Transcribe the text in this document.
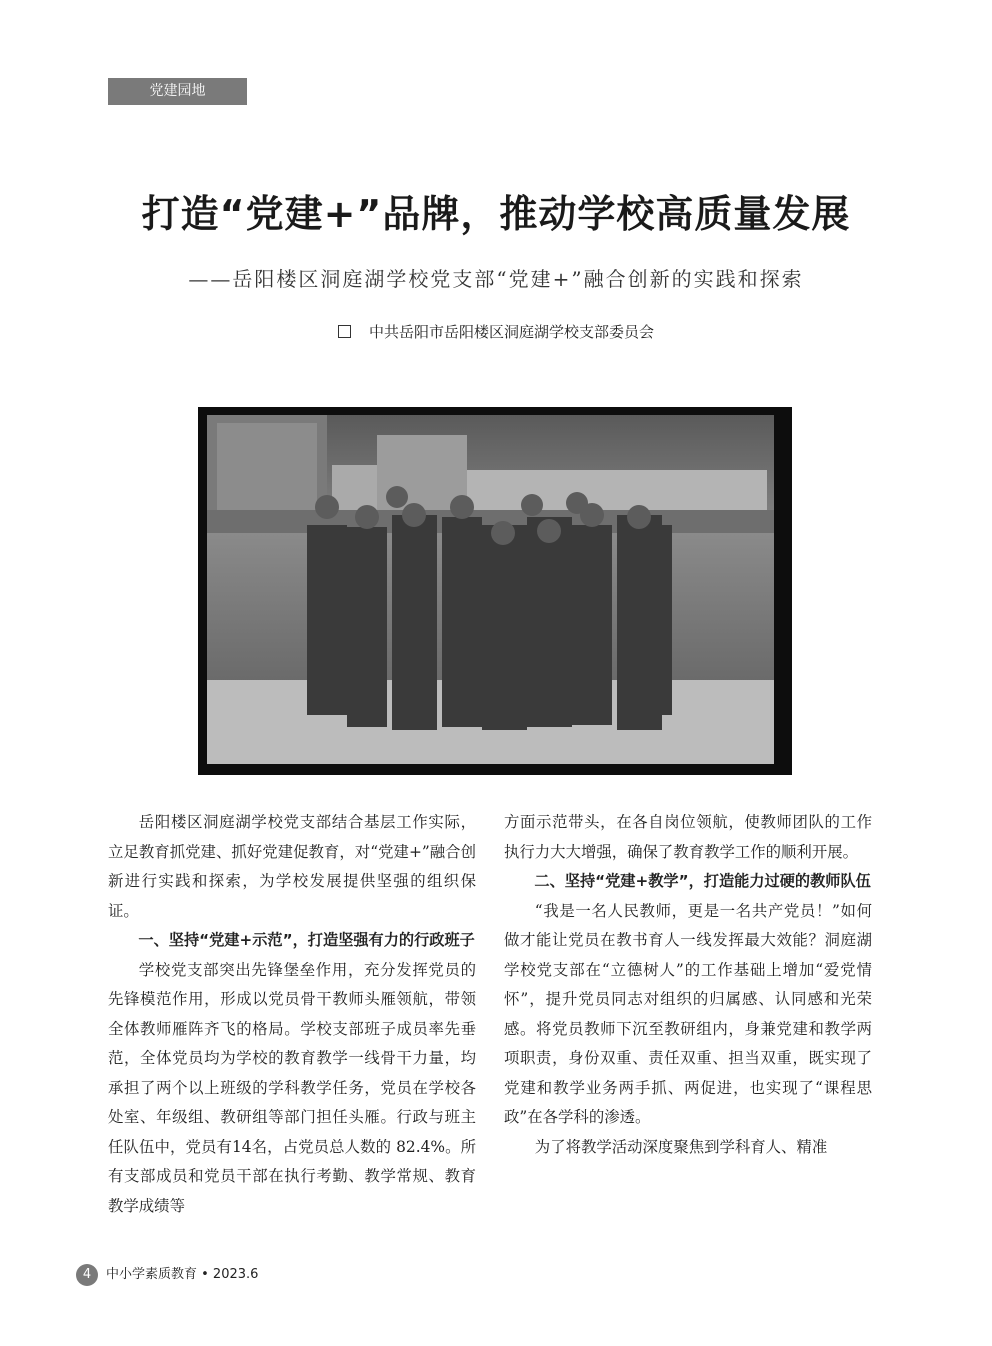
党建园地
打造“党建+”品牌，推动学校高质量发展
——岳阳楼区洞庭湖学校党支部“党建+”融合创新的实践和探索
中共岳阳市岳阳楼区洞庭湖学校支部委员会

岳阳楼区洞庭湖学校党支部结合基层工作实际，立足教育抓党建、抓好党建促教育，对“党建+”融合创新进行实践和探索，为学校发展提供坚强的组织保证。

一、坚持“党建+示范”，打造坚强有力的行政班子

学校党支部突出先锋堡垒作用，充分发挥党员的先锋模范作用，形成以党员骨干教师头雁领航，带领全体教师雁阵齐飞的格局。学校支部班子成员率先垂范，全体党员均为学校的教育教学一线骨干力量，均承担了两个以上班级的学科教学任务，党员在学校各处室、年级组、教研组等部门担任头雁。行政与班主任队伍中，党员有14名，占党员总人数的 82.4%。所有支部成员和党员干部在执行考勤、教学常规、教育教学成绩等

方面示范带头，在各自岗位领航，使教师团队的工作执行力大大增强，确保了教育教学工作的顺利开展。

二、坚持“党建+教学”，打造能力过硬的教师队伍

“我是一名人民教师，更是一名共产党员！”如何做才能让党员在教书育人一线发挥最大效能？洞庭湖学校党支部在“立德树人”的工作基础上增加“爱党情怀”，提升党员同志对组织的归属感、认同感和光荣感。将党员教师下沉至教研组内，身兼党建和教学两项职责，身份双重、责任双重、担当双重，既实现了党建和教学业务两手抓、两促进，也实现了“课程思政”在各学科的渗透。

为了将教学活动深度聚焦到学科育人、精准

4 中小学素质教育 • 2023.6
